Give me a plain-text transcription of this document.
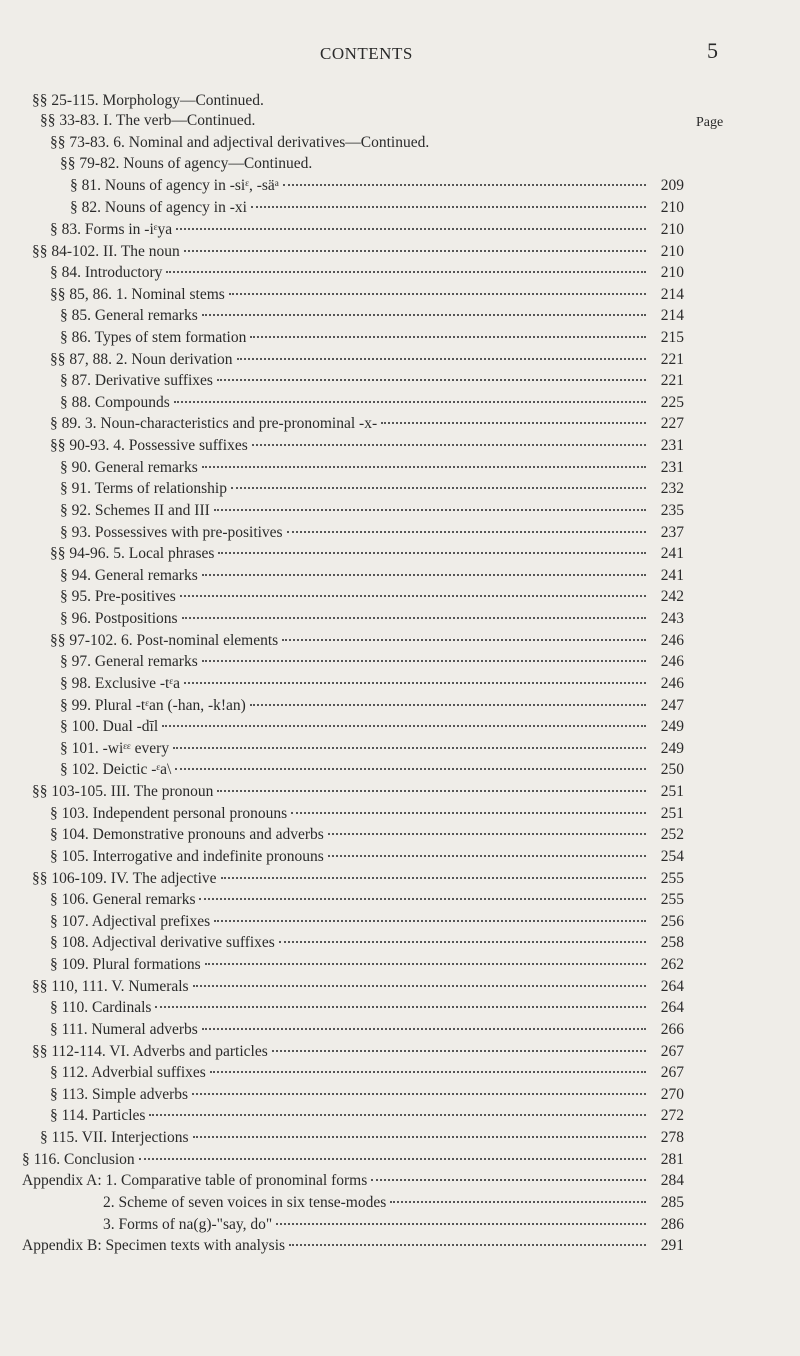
CONTENTS	5
Page
§§ 25-115. Morphology—Continued.
§§ 33-83. I. The verb—Continued.
§§ 73-83. 6. Nominal and adjectival derivatives—Continued.
§§ 79-82. Nouns of agency—Continued.
§ 81. Nouns of agency in -siᵋ, -säᵃ	209
§ 82. Nouns of agency in -xi	210
§ 83. Forms in -iᵋya	210
§§ 84-102. II. The noun	210
§ 84. Introductory	210
§§ 85, 86. 1. Nominal stems	214
§ 85. General remarks	214
§ 86. Types of stem formation	215
§§ 87, 88. 2. Noun derivation	221
§ 87. Derivative suffixes	221
§ 88. Compounds	225
§ 89. 3. Noun-characteristics and pre-pronominal -x-	227
§§ 90-93. 4. Possessive suffixes	231
§ 90. General remarks	231
§ 91. Terms of relationship	232
§ 92. Schemes II and III	235
§ 93. Possessives with pre-positives	237
§§ 94-96. 5. Local phrases	241
§ 94. General remarks	241
§ 95. Pre-positives	242
§ 96. Postpositions	243
§§ 97-102. 6. Post-nominal elements	246
§ 97. General remarks	246
§ 98. Exclusive -tᵋa	246
§ 99. Plural -tᵋan (-han, -k!an)	247
§ 100. Dual -dīl	249
§ 101. -wiᵋᵋ every	249
§ 102. Deictic -ᵋa\	250
§§ 103-105. III. The pronoun	251
§ 103. Independent personal pronouns	251
§ 104. Demonstrative pronouns and adverbs	252
§ 105. Interrogative and indefinite pronouns	254
§§ 106-109. IV. The adjective	255
§ 106. General remarks	255
§ 107. Adjectival prefixes	256
§ 108. Adjectival derivative suffixes	258
§ 109. Plural formations	262
§§ 110, 111. V. Numerals	264
§ 110. Cardinals	264
§ 111. Numeral adverbs	266
§§ 112-114. VI. Adverbs and particles	267
§ 112. Adverbial suffixes	267
§ 113. Simple adverbs	270
§ 114. Particles	272
§ 115. VII. Interjections	278
§ 116. Conclusion	281
Appendix A: 1. Comparative table of pronominal forms	284
2. Scheme of seven voices in six tense-modes	285
3. Forms of na(g)-"say, do"	286
Appendix B: Specimen texts with analysis	291
